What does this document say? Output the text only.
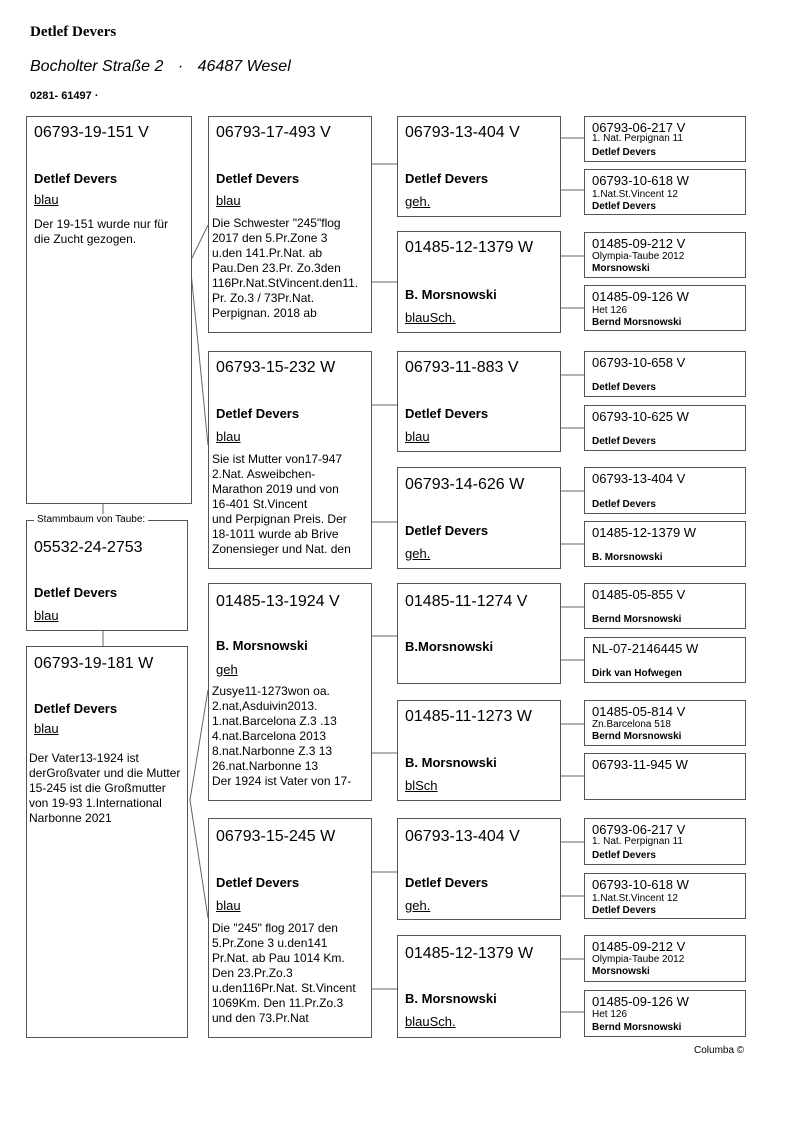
Detlef Devers
Bocholter Straße 2 · 46487 Wesel
0281- 61497 ·
06793-19-151 V
Detlef Devers
blau
Der 19-151 wurde nur für
die Zucht gezogen.
05532-24-2753
Detlef Devers
blau
Stammbaum von Taube:
06793-19-181 W
Detlef Devers
blau
Der Vater13-1924 ist
derGroßvater und die Mutter
15-245 ist die Großmutter
von 19-93 1.International
Narbonne 2021
06793-17-493 V
Detlef Devers
blau
Die Schwester "245"flog
2017 den 5.Pr.Zone 3
u.den 141.Pr.Nat. ab
Pau.Den 23.Pr. Zo.3den
116Pr.Nat.StVincent.den11.
Pr. Zo.3 / 73Pr.Nat.
Perpignan. 2018 ab
06793-15-232 W
Detlef Devers
blau
Sie ist Mutter von17-947
2.Nat. Asweibchen-
Marathon 2019 und von
16-401 St.Vincent
und Perpignan Preis. Der
18-1011 wurde ab Brive
Zonensieger und Nat. den
01485-13-1924 V
B. Morsnowski
geh
Zusye11-1273won oa.
2.nat,Asduivin2013.
1.nat.Barcelona Z.3 .13
4.nat.Barcelona 2013
8.nat.Narbonne Z.3 13
26.nat.Narbonne 13
Der 1924 ist Vater von 17-
06793-15-245 W
Detlef Devers
blau
Die "245" flog 2017 den
5.Pr.Zone 3 u.den141
Pr.Nat. ab Pau 1014 Km.
Den 23.Pr.Zo.3
u.den116Pr.Nat. St.Vincent
1069Km. Den 11.Pr.Zo.3
und den 73.Pr.Nat
06793-13-404 V
Detlef Devers
geh.
01485-12-1379 W
B. Morsnowski
blauSch.
06793-11-883 V
Detlef Devers
blau
06793-14-626 W
Detlef Devers
geh.
01485-11-1274 V
B.Morsnowski
01485-11-1273 W
B. Morsnowski
blSch
06793-13-404 V
Detlef Devers
geh.
01485-12-1379 W
B. Morsnowski
blauSch.
06793-06-217 V
1. Nat. Perpignan 11
Detlef Devers
06793-10-618 W
1.Nat.St.Vincent 12
Detlef Devers
01485-09-212 V
Olympia-Taube 2012
Morsnowski
01485-09-126 W
Het 126
Bernd Morsnowski
06793-10-658 V
Detlef Devers
06793-10-625 W
Detlef Devers
06793-13-404 V
Detlef Devers
01485-12-1379 W
B. Morsnowski
01485-05-855 V
Bernd Morsnowski
NL-07-2146445 W
Dirk van Hofwegen
01485-05-814 V
Zn.Barcelona 518
Bernd Morsnowski
06793-11-945 W
06793-06-217 V
1. Nat. Perpignan 11
Detlef Devers
06793-10-618 W
1.Nat.St.Vincent 12
Detlef Devers
01485-09-212 V
Olympia-Taube 2012
Morsnowski
01485-09-126 W
Het 126
Bernd Morsnowski
Columba ©
